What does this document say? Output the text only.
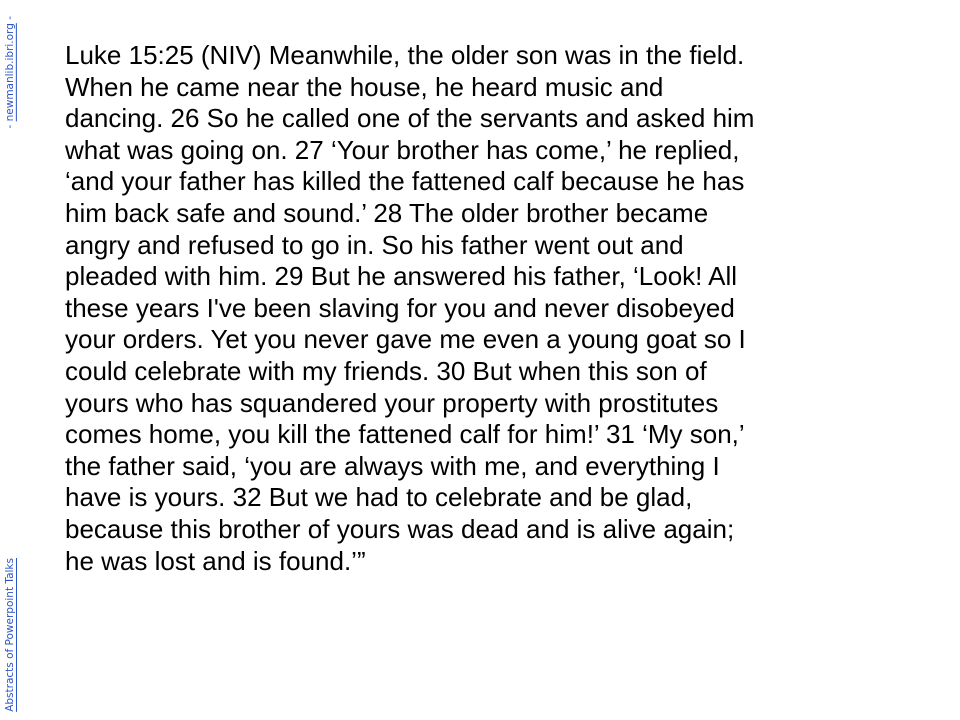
- newmanlib.ibri.org -
Abstracts of Powerpoint Talks

Luke 15:25 (NIV) Meanwhile, the older son was in the field.

When he came near the house, he heard music and

dancing. 26 So he called one of the servants and asked him

what was going on. 27 ‘Your brother has come,’ he replied,

‘and your father has killed the fattened calf because he has

him back safe and sound.’ 28 The older brother became

angry and refused to go in. So his father went out and

pleaded with him. 29 But he answered his father, ‘Look! All

these years I've been slaving for you and never disobeyed

your orders. Yet you never gave me even a young goat so I

could celebrate with my friends. 30 But when this son of

yours who has squandered your property with prostitutes

comes home, you kill the fattened calf for him!’ 31 ‘My son,’

the father said, ‘you are always with me, and everything I

have is yours. 32 But we had to celebrate and be glad,

because this brother of yours was dead and is alive again;

he was lost and is found.’”
